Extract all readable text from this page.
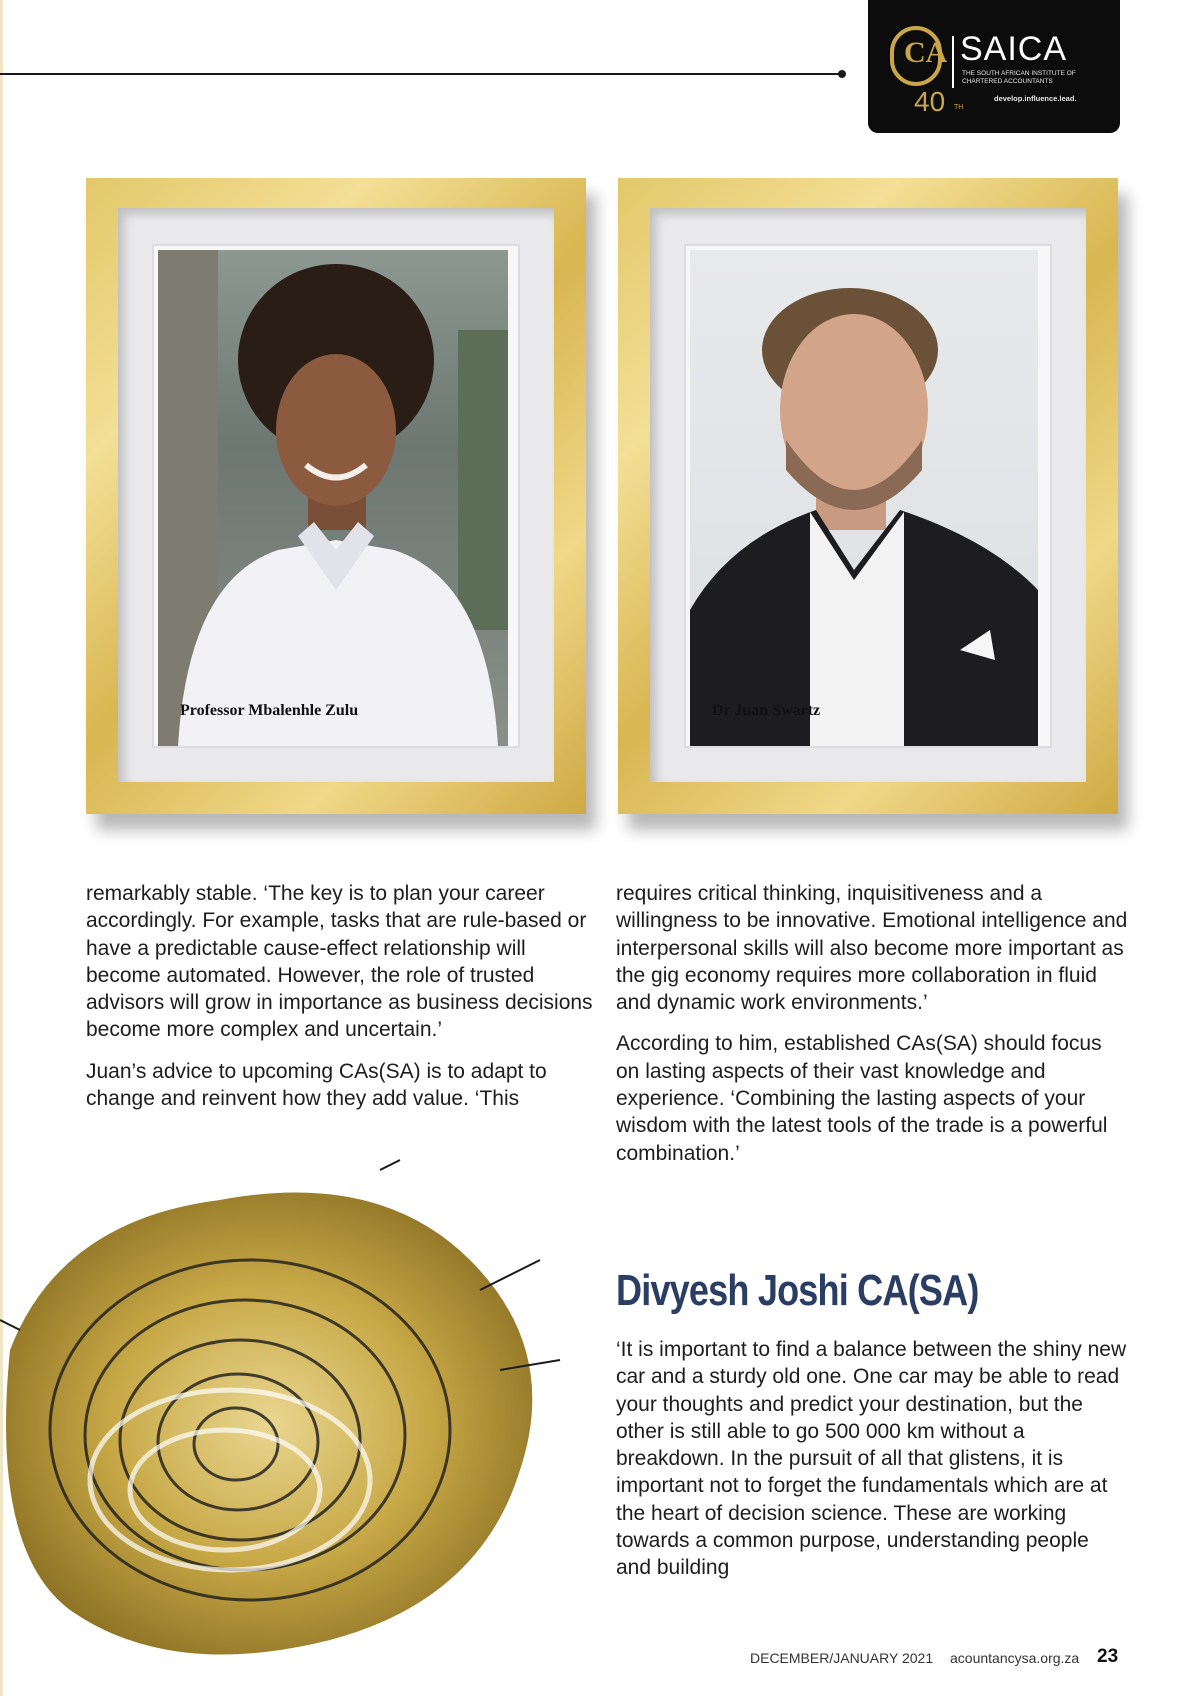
CA
40 TH
SAICA
THE SOUTH AFRICAN INSTITUTE OF CHARTERED ACCOUNTANTS
develop.influence.lead.
Professor Mbalenhle Zulu	Dr Juan Swartz

remarkably stable. ‘The key is to plan your career accordingly. For example, tasks that are rule-based or have a predictable cause-effect relationship will become automated. However, the role of trusted advisors will grow in importance as business decisions become more complex and uncertain.’

Juan’s advice to upcoming CAs(SA) is to adapt to change and reinvent how they add value. ‘This

requires critical thinking, inquisitiveness and a willingness to be innovative. Emotional intelligence and interpersonal skills will also become more important as the gig economy requires more collaboration in fluid and dynamic work environments.’

According to him, established CAs(SA) should focus on lasting aspects of their vast knowledge and experience. ‘Combining the lasting aspects of your wisdom with the latest tools of the trade is a powerful combination.’

Divyesh Joshi CA(SA)

‘It is important to find a balance between the shiny new car and a sturdy old one. One car may be able to read your thoughts and predict your destination, but the other is still able to go 500 000 km without a breakdown. In the pursuit of all that glistens, it is important not to forget the fundamentals which are at the heart of decision science. These are working towards a common purpose, understanding people and building

DECEMBER/JANUARY 2021 acountancysa.org.za 23
